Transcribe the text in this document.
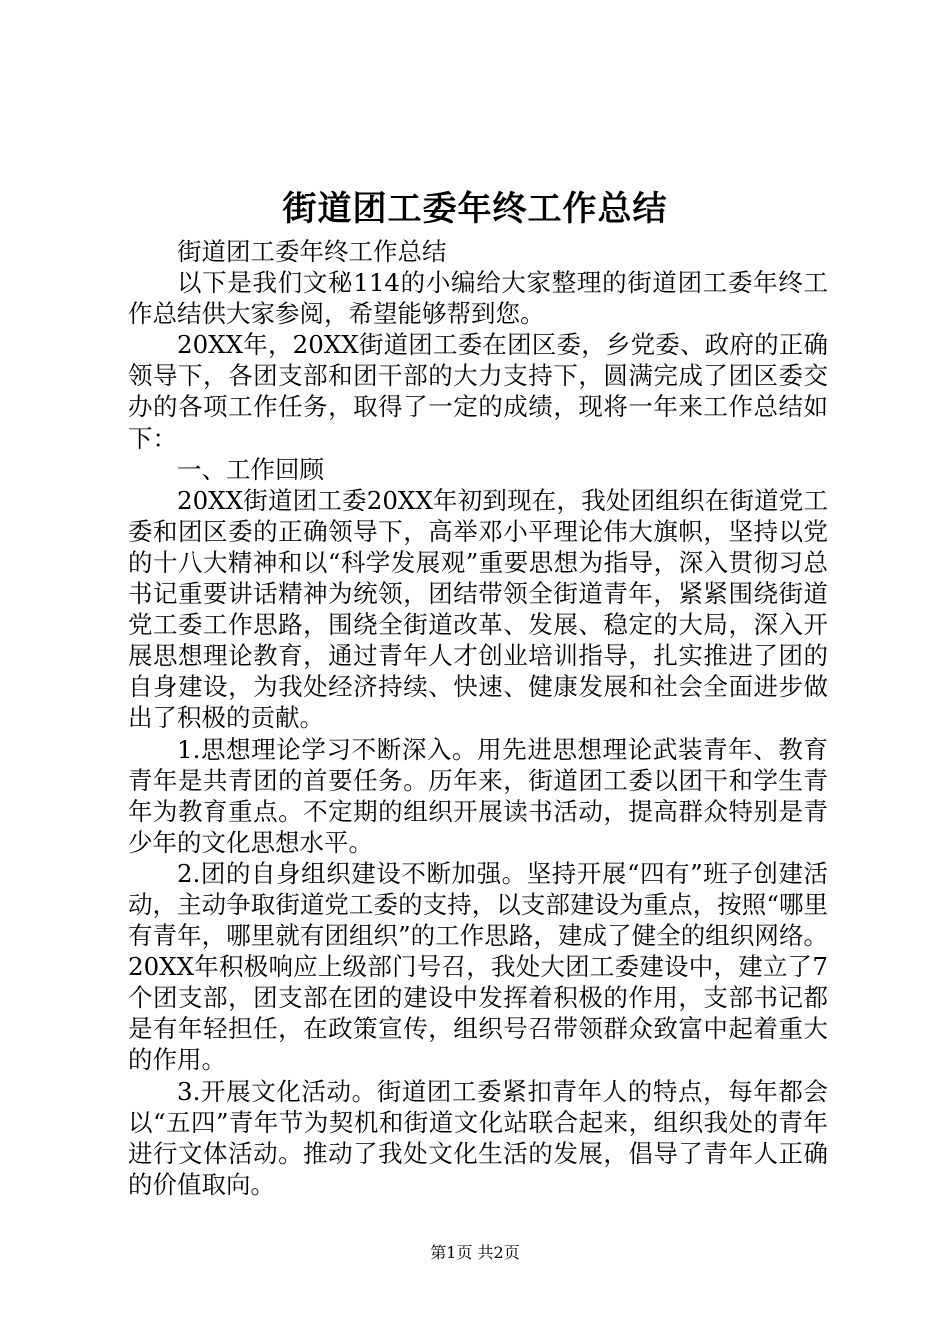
街道团工委年终工作总结

街道团工委年终工作总结

以下是我们文秘114的小编给大家整理的街道团工委年终工作总结供大家参阅，希望能够帮到您。

20XX年，20XX街道团工委在团区委，乡党委、政府的正确领导下，各团支部和团干部的大力支持下，圆满完成了团区委交办的各项工作任务，取得了一定的成绩，现将一年来工作总结如下：

一、工作回顾

20XX街道团工委20XX年初到现在，我处团组织在街道党工委和团区委的正确领导下，高举邓小平理论伟大旗帜，坚持以党的十八大精神和以“科学发展观”重要思想为指导，深入贯彻习总书记重要讲话精神为统领，团结带领全街道青年，紧紧围绕街道党工委工作思路，围绕全街道改革、发展、稳定的大局，深入开展思想理论教育，通过青年人才创业培训指导，扎实推进了团的自身建设，为我处经济持续、快速、健康发展和社会全面进步做出了积极的贡献。

1.思想理论学习不断深入。用先进思想理论武装青年、教育青年是共青团的首要任务。历年来，街道团工委以团干和学生青年为教育重点。不定期的组织开展读书活动，提高群众特别是青少年的文化思想水平。

2.团的自身组织建设不断加强。坚持开展“四有”班子创建活动，主动争取街道党工委的支持，以支部建设为重点，按照“哪里有青年，哪里就有团组织”的工作思路，建成了健全的组织网络。20XX年积极响应上级部门号召，我处大团工委建设中，建立了7个团支部，团支部在团的建设中发挥着积极的作用，支部书记都是有年轻担任，在政策宣传，组织号召带领群众致富中起着重大的作用。

3.开展文化活动。街道团工委紧扣青年人的特点，每年都会以“五四”青年节为契机和街道文化站联合起来，组织我处的青年进行文体活动。推动了我处文化生活的发展，倡导了青年人正确的价值取向。

第1页 共2页
